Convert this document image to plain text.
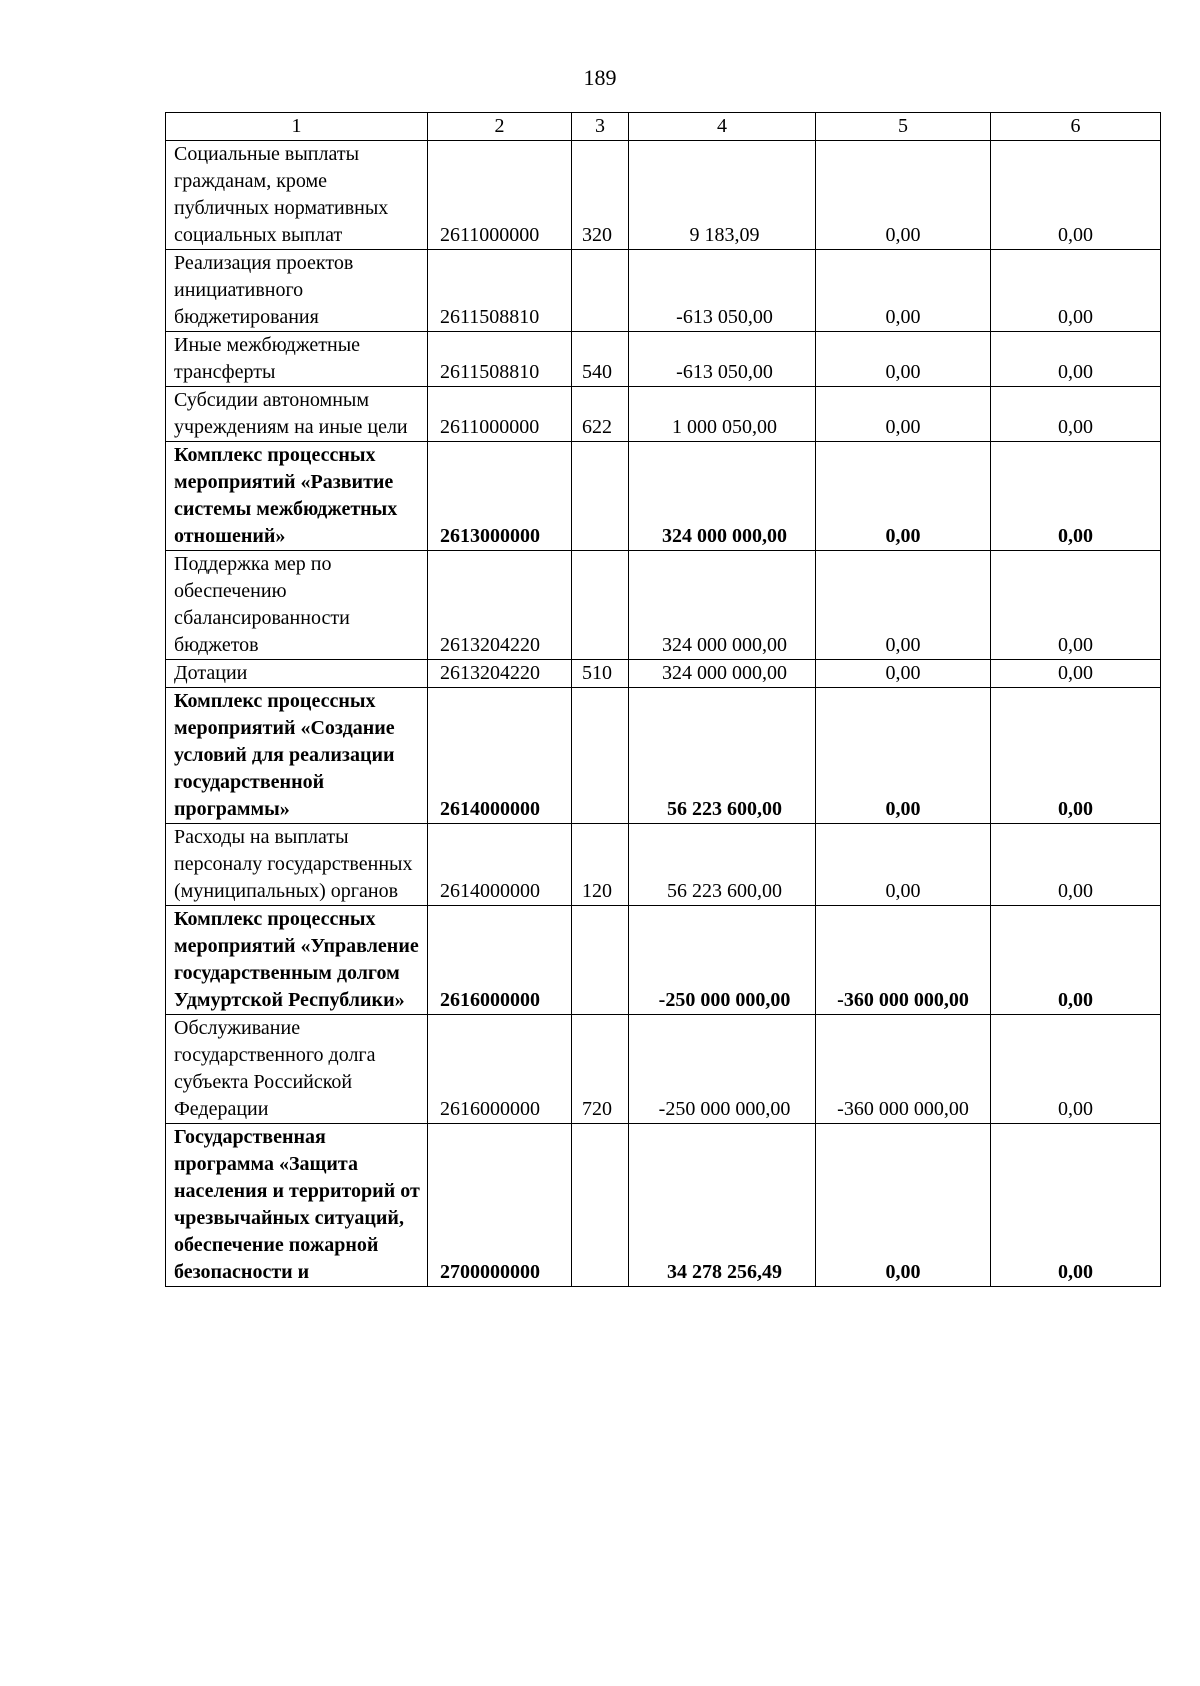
189
1	2	3	4	5	6
Социальные выплаты гражданам, кроме публичных нормативных социальных выплат	2611000000	320	9 183,09	0,00	0,00
Реализация проектов инициативного бюджетирования	2611508810		-613 050,00	0,00	0,00
Иные межбюджетные трансферты	2611508810	540	-613 050,00	0,00	0,00
Субсидии автономным учреждениям на иные цели	2611000000	622	1 000 050,00	0,00	0,00
Комплекс процессных мероприятий «Развитие системы межбюджетных отношений»	2613000000		324 000 000,00	0,00	0,00
Поддержка мер по обеспечению сбалансированности бюджетов	2613204220		324 000 000,00	0,00	0,00
Дотации	2613204220	510	324 000 000,00	0,00	0,00
Комплекс процессных мероприятий «Создание условий для реализации государственной программы»	2614000000		56 223 600,00	0,00	0,00
Расходы на выплаты персоналу государственных (муниципальных) органов	2614000000	120	56 223 600,00	0,00	0,00
Комплекс процессных мероприятий «Управление государственным долгом Удмуртской Республики»	2616000000		-250 000 000,00	-360 000 000,00	0,00
Обслуживание государственного долга субъекта Российской Федерации	2616000000	720	-250 000 000,00	-360 000 000,00	0,00
Государственная программа «Защита населения и территорий от чрезвычайных ситуаций, обеспечение пожарной безопасности и	2700000000		34 278 256,49	0,00	0,00
